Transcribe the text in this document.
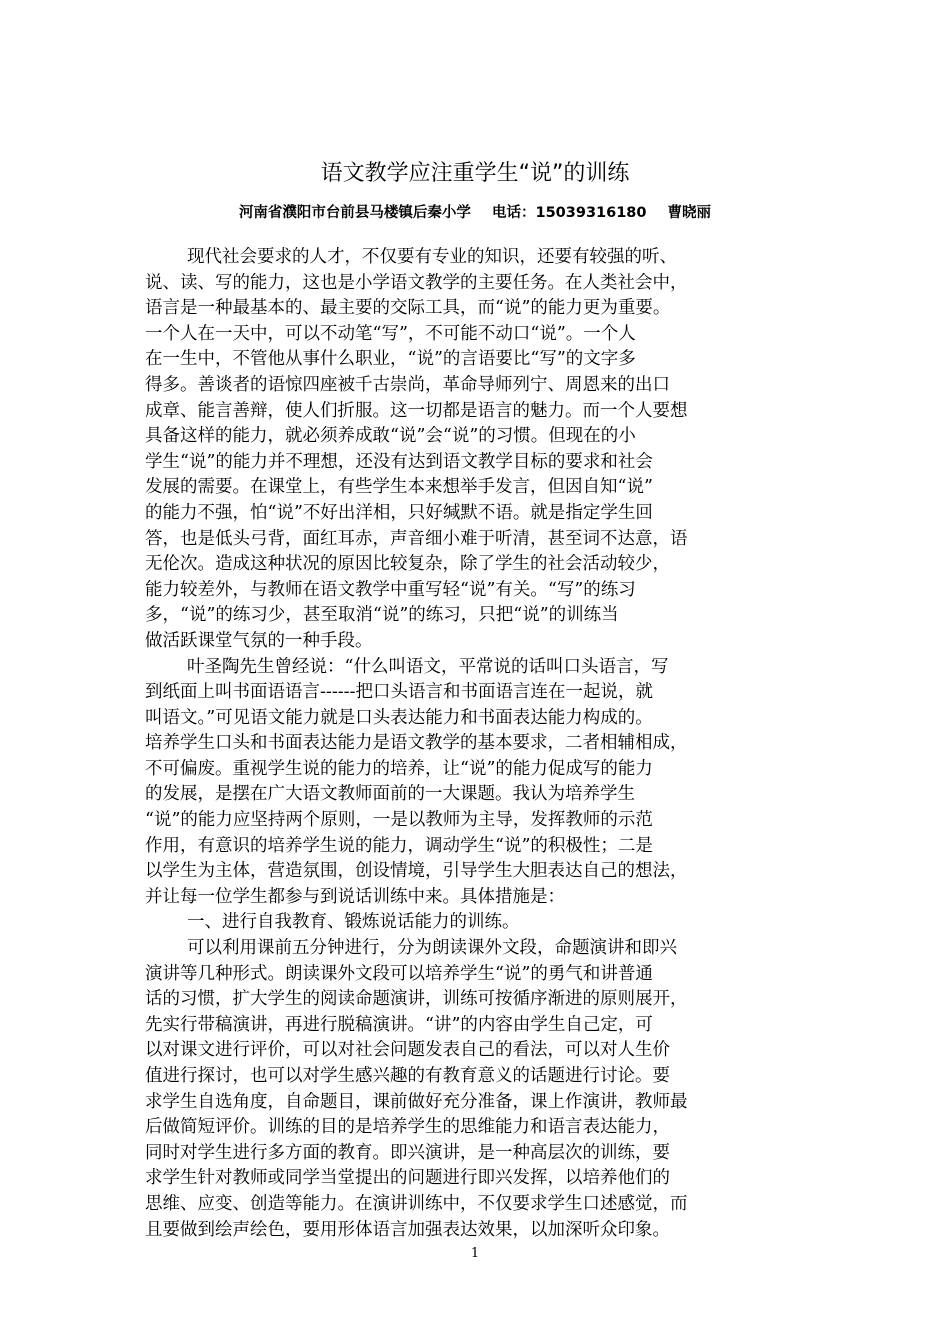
语文教学应注重学生“说”的训练
河南省濮阳市台前县马楼镇后秦小学 电话：15039316180 曹晓丽
现代社会要求的人才，不仅要有专业的知识，还要有较强的听、
说、读、写的能力，这也是小学语文教学的主要任务。在人类社会中，
语言是一种最基本的、最主要的交际工具，而“说”的能力更为重要。
一个人在一天中，可以不动笔“写”，不可能不动口“说”。一个人
在一生中，不管他从事什么职业，“说”的言语要比“写”的文字多
得多。善谈者的语惊四座被千古崇尚，革命导师列宁、周恩来的出口
成章、能言善辩，使人们折服。这一切都是语言的魅力。而一个人要想
具备这样的能力，就必须养成敢“说”会“说”的习惯。但现在的小
学生“说”的能力并不理想，还没有达到语文教学目标的要求和社会
发展的需要。在课堂上，有些学生本来想举手发言，但因自知“说”
的能力不强，怕“说”不好出洋相，只好缄默不语。就是指定学生回
答，也是低头弓背，面红耳赤，声音细小难于听清，甚至词不达意，语
无伦次。造成这种状况的原因比较复杂，除了学生的社会活动较少，
能力较差外，与教师在语文教学中重写轻“说”有关。“写”的练习
多，“说”的练习少，甚至取消“说”的练习，只把“说”的训练当
做活跃课堂气氛的一种手段。
叶圣陶先生曾经说：“什么叫语文，平常说的话叫口头语言，写
到纸面上叫书面语语言------把口头语言和书面语言连在一起说，就
叫语文。”可见语文能力就是口头表达能力和书面表达能力构成的。
培养学生口头和书面表达能力是语文教学的基本要求，二者相辅相成，
不可偏废。重视学生说的能力的培养，让“说”的能力促成写的能力
的发展，是摆在广大语文教师面前的一大课题。我认为培养学生
“说”的能力应坚持两个原则，一是以教师为主导，发挥教师的示范
作用，有意识的培养学生说的能力，调动学生“说”的积极性；二是
以学生为主体，营造氛围，创设情境，引导学生大胆表达自己的想法，
并让每一位学生都参与到说话训练中来。具体措施是：
一、进行自我教育、锻炼说话能力的训练。
可以利用课前五分钟进行，分为朗读课外文段，命题演讲和即兴
演讲等几种形式。朗读课外文段可以培养学生“说”的勇气和讲普通
话的习惯，扩大学生的阅读命题演讲，训练可按循序渐进的原则展开，
先实行带稿演讲，再进行脱稿演讲。“讲”的内容由学生自己定，可
以对课文进行评价，可以对社会问题发表自己的看法，可以对人生价
值进行探讨，也可以对学生感兴趣的有教育意义的话题进行讨论。要
求学生自选角度，自命题目，课前做好充分准备，课上作演讲，教师最
后做简短评价。训练的目的是培养学生的思维能力和语言表达能力，
同时对学生进行多方面的教育。即兴演讲，是一种高层次的训练，要
求学生针对教师或同学当堂提出的问题进行即兴发挥，以培养他们的
思维、应变、创造等能力。在演讲训练中，不仅要求学生口述感觉，而
且要做到绘声绘色，要用形体语言加强表达效果，以加深听众印象。
1
